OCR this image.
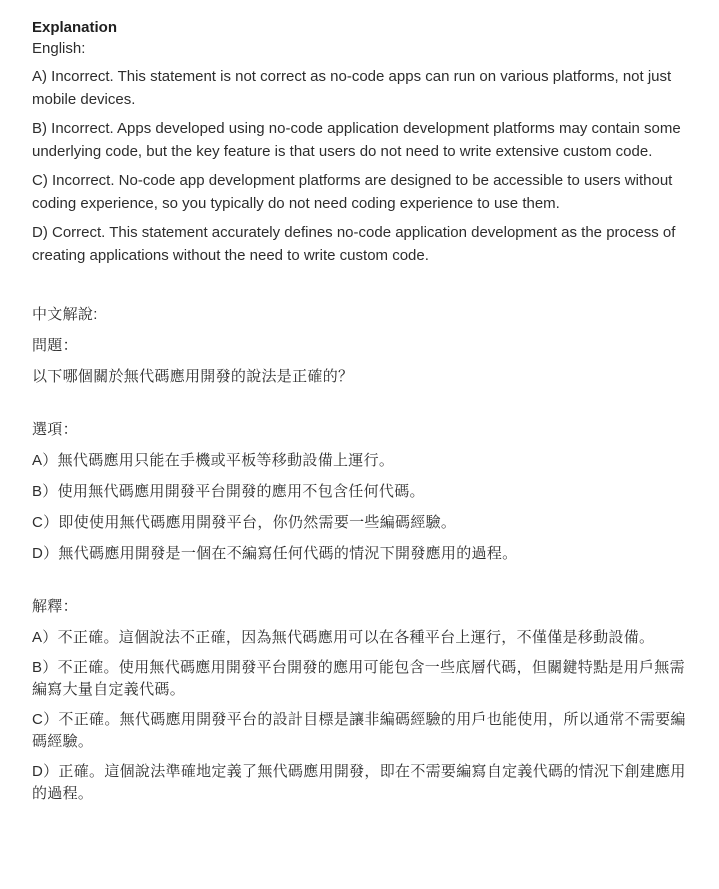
Explanation

English:

A) Incorrect. This statement is not correct as no-code apps can run on various platforms, not just mobile devices.

B) Incorrect. Apps developed using no-code application development platforms may contain some underlying code, but the key feature is that users do not need to write extensive custom code.

C) Incorrect. No-code app development platforms are designed to be accessible to users without coding experience, so you typically do not need coding experience to use them.

D) Correct. This statement accurately defines no-code application development as the process of creating applications without the need to write custom code.

中文解說:

問題：

以下哪個關於無代碼應用開發的說法是正確的？

選項：

A）無代碼應用只能在手機或平板等移動設備上運行。

B）使用無代碼應用開發平台開發的應用不包含任何代碼。

C）即使使用無代碼應用開發平台，你仍然需要一些編碼經驗。

D）無代碼應用開發是一個在不編寫任何代碼的情況下開發應用的過程。

解釋：

A）不正確。這個說法不正確，因為無代碼應用可以在各種平台上運行，不僅僅是移動設備。

B）不正確。使用無代碼應用開發平台開發的應用可能包含一些底層代碼，但關鍵特點是用戶無需編寫大量自定義代碼。

C）不正確。無代碼應用開發平台的設計目標是讓非編碼經驗的用戶也能使用，所以通常不需要編碼經驗。

D）正確。這個說法準確地定義了無代碼應用開發，即在不需要編寫自定義代碼的情況下創建應用的過程。
